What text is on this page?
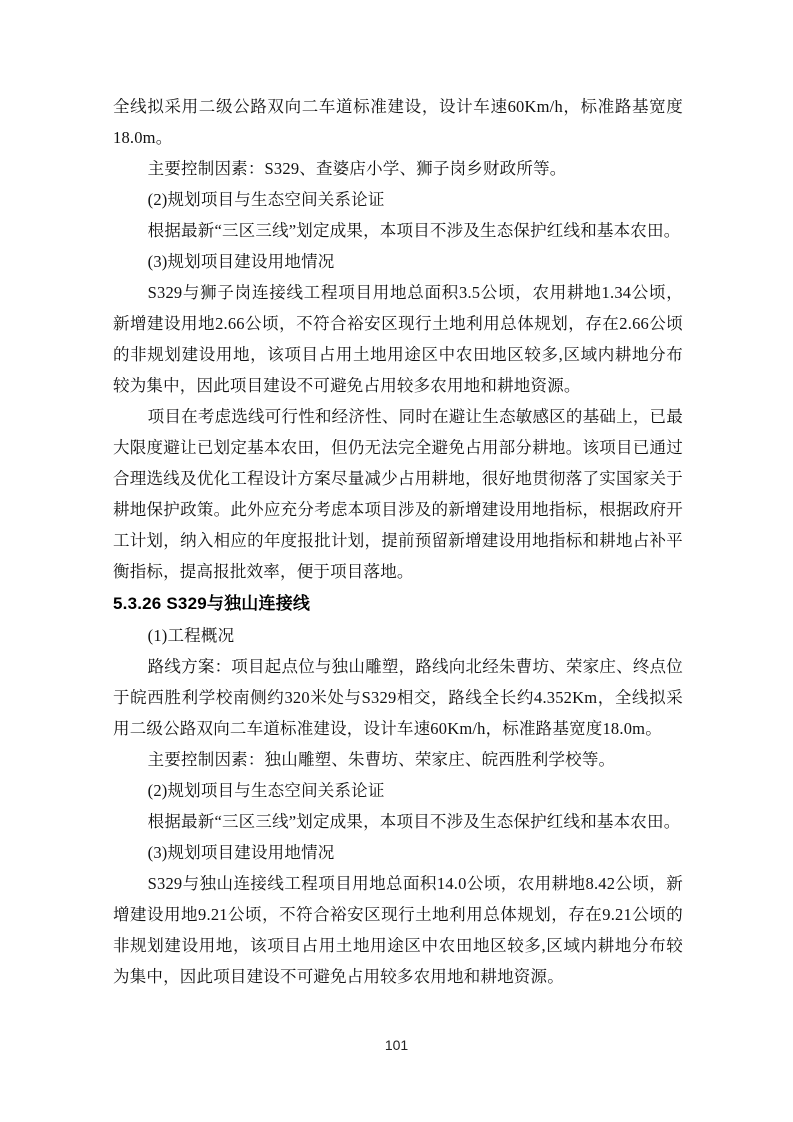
全线拟采用二级公路双向二车道标准建设，设计车速60Km/h，标准路基宽度18.0m。

主要控制因素：S329、查婆店小学、狮子岗乡财政所等。

(2)规划项目与生态空间关系论证

根据最新“三区三线”划定成果，本项目不涉及生态保护红线和基本农田。

(3)规划项目建设用地情况

S329与狮子岗连接线工程项目用地总面积3.5公顷，农用耕地1.34公顷，新增建设用地2.66公顷，不符合裕安区现行土地利用总体规划，存在2.66公顷的非规划建设用地，该项目占用土地用途区中农田地区较多,区域内耕地分布较为集中，因此项目建设不可避免占用较多农用地和耕地资源。

项目在考虑选线可行性和经济性、同时在避让生态敏感区的基础上，已最大限度避让已划定基本农田，但仍无法完全避免占用部分耕地。该项目已通过合理选线及优化工程设计方案尽量减少占用耕地，很好地贯彻落了实国家关于耕地保护政策。此外应充分考虑本项目涉及的新增建设用地指标，根据政府开工计划，纳入相应的年度报批计划，提前预留新增建设用地指标和耕地占补平衡指标，提高报批效率，便于项目落地。

5.3.26 S329与独山连接线

(1)工程概况

路线方案：项目起点位与独山雕塑，路线向北经朱曹坊、荣家庄、终点位于皖西胜利学校南侧约320米处与S329相交，路线全长约4.352Km，全线拟采用二级公路双向二车道标准建设，设计车速60Km/h，标准路基宽度18.0m。

主要控制因素：独山雕塑、朱曹坊、荣家庄、皖西胜利学校等。

(2)规划项目与生态空间关系论证

根据最新“三区三线”划定成果，本项目不涉及生态保护红线和基本农田。

(3)规划项目建设用地情况

S329与独山连接线工程项目用地总面积14.0公顷，农用耕地8.42公顷，新增建设用地9.21公顷，不符合裕安区现行土地利用总体规划，存在9.21公顷的非规划建设用地，该项目占用土地用途区中农田地区较多,区域内耕地分布较为集中，因此项目建设不可避免占用较多农用地和耕地资源。

101
